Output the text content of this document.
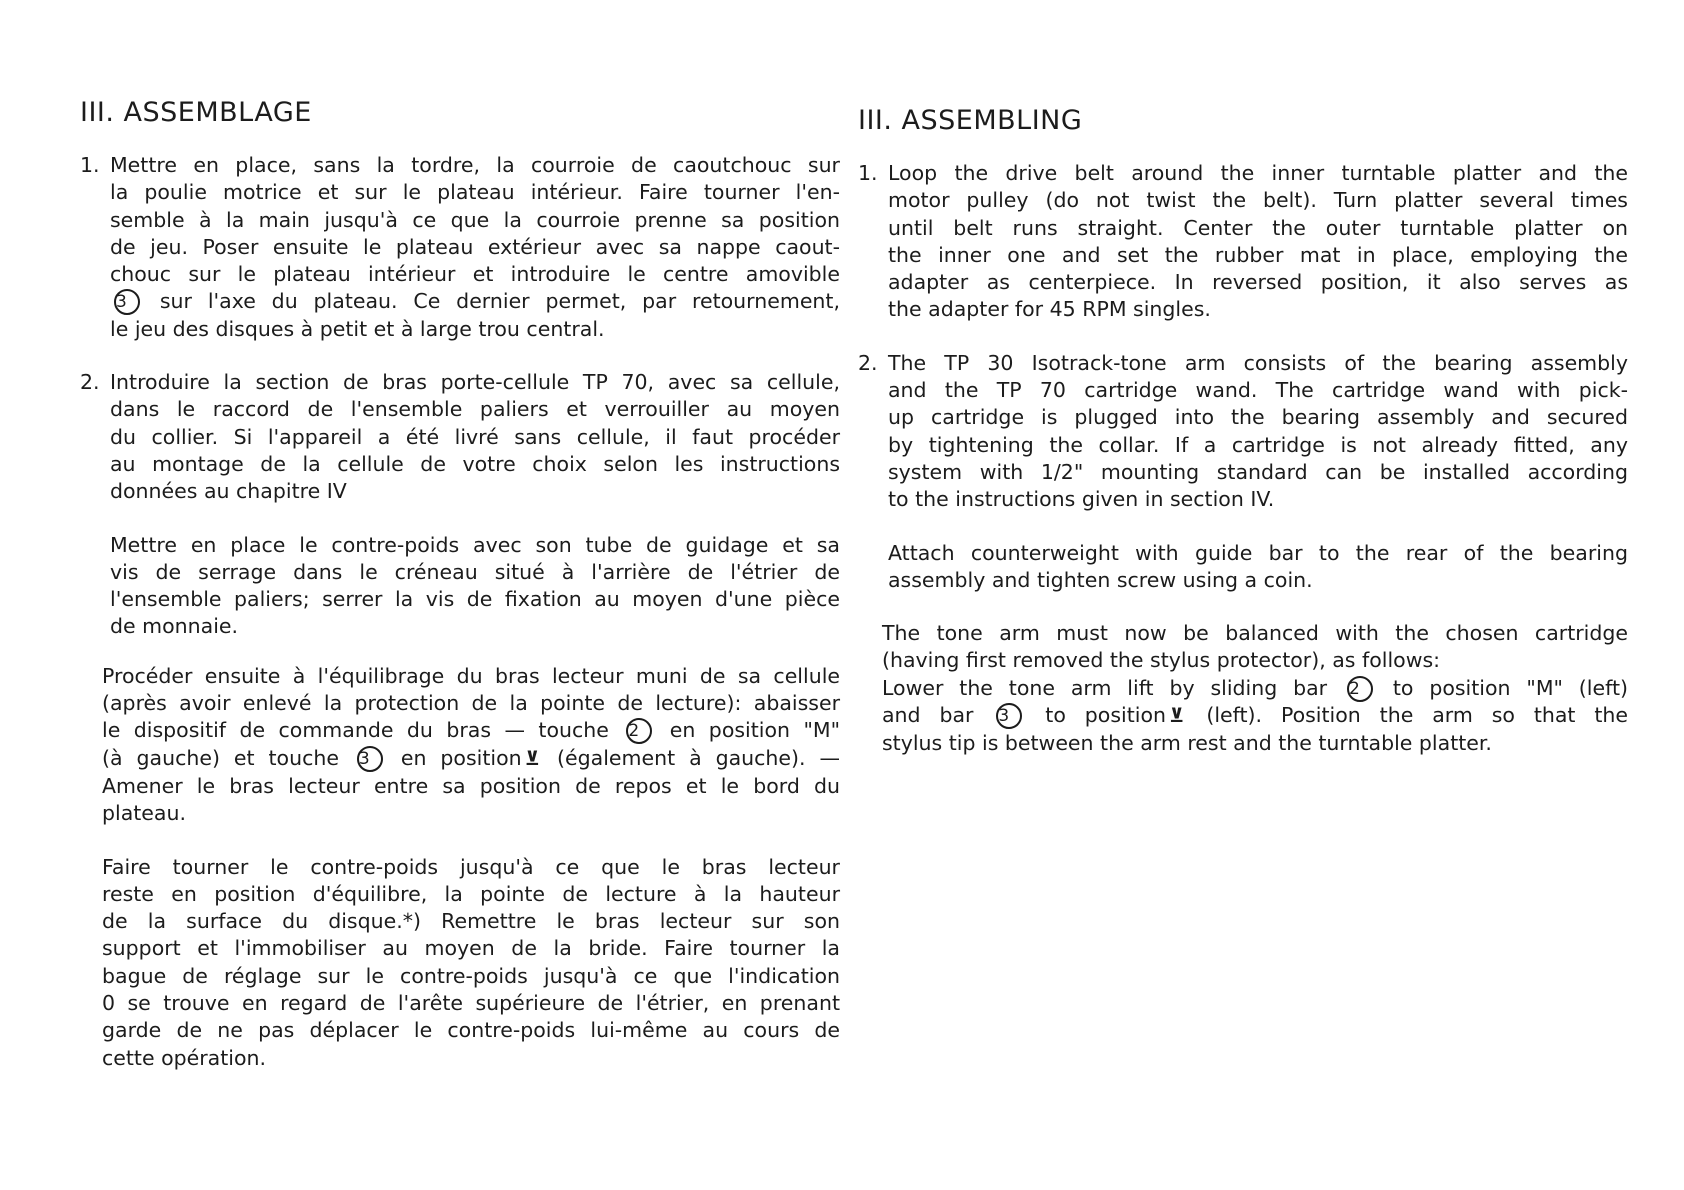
III. ASSEMBLAGE
1. Mettre en place, sans la tordre, la courroie de caoutchouc sur
la poulie motrice et sur le plateau intérieur. Faire tourner l'en-
semble à la main jusqu'à ce que la courroie prenne sa position
de jeu. Poser ensuite le plateau extérieur avec sa nappe caout-
chouc sur le plateau intérieur et introduire le centre amovible
3 sur l'axe du plateau. Ce dernier permet, par retournement,
le jeu des disques à petit et à large trou central.
2. Introduire la section de bras porte-cellule TP 70, avec sa cellule,
dans le raccord de l'ensemble paliers et verrouiller au moyen
du collier. Si l'appareil a été livré sans cellule, il faut procéder
au montage de la cellule de votre choix selon les instructions
données au chapitre IV
Mettre en place le contre-poids avec son tube de guidage et sa
vis de serrage dans le créneau situé à l'arrière de l'étrier de
l'ensemble paliers; serrer la vis de fixation au moyen d'une pièce
de monnaie.
Procéder ensuite à l'équilibrage du bras lecteur muni de sa cellule
(après avoir enlevé la protection de la pointe de lecture): abaisser
le dispositif de commande du bras — touche 2 en position "M"
(à gauche) et touche 3 en position ⊻ (également à gauche). —
Amener le bras lecteur entre sa position de repos et le bord du
plateau.
Faire tourner le contre-poids jusqu'à ce que le bras lecteur
reste en position d'équilibre, la pointe de lecture à la hauteur
de la surface du disque.*) Remettre le bras lecteur sur son
support et l'immobiliser au moyen de la bride. Faire tourner la
bague de réglage sur le contre-poids jusqu'à ce que l'indication
0 se trouve en regard de l'arête supérieure de l'étrier, en prenant
garde de ne pas déplacer le contre-poids lui-même au cours de
cette opération.
III. ASSEMBLING
1. Loop the drive belt around the inner turntable platter and the
motor pulley (do not twist the belt). Turn platter several times
until belt runs straight. Center the outer turntable platter on
the inner one and set the rubber mat in place, employing the
adapter as centerpiece. In reversed position, it also serves as
the adapter for 45 RPM singles.
2. The TP 30 Isotrack-tone arm consists of the bearing assembly
and the TP 70 cartridge wand. The cartridge wand with pick-
up cartridge is plugged into the bearing assembly and secured
by tightening the collar. If a cartridge is not already fitted, any
system with 1/2" mounting standard can be installed according
to the instructions given in section IV.
Attach counterweight with guide bar to the rear of the bearing
assembly and tighten screw using a coin.
The tone arm must now be balanced with the chosen cartridge
(having first removed the stylus protector), as follows:
Lower the tone arm lift by sliding bar 2 to position "M" (left)
and bar 3 to position ⊻ (left). Position the arm so that the
stylus tip is between the arm rest and the turntable platter.
